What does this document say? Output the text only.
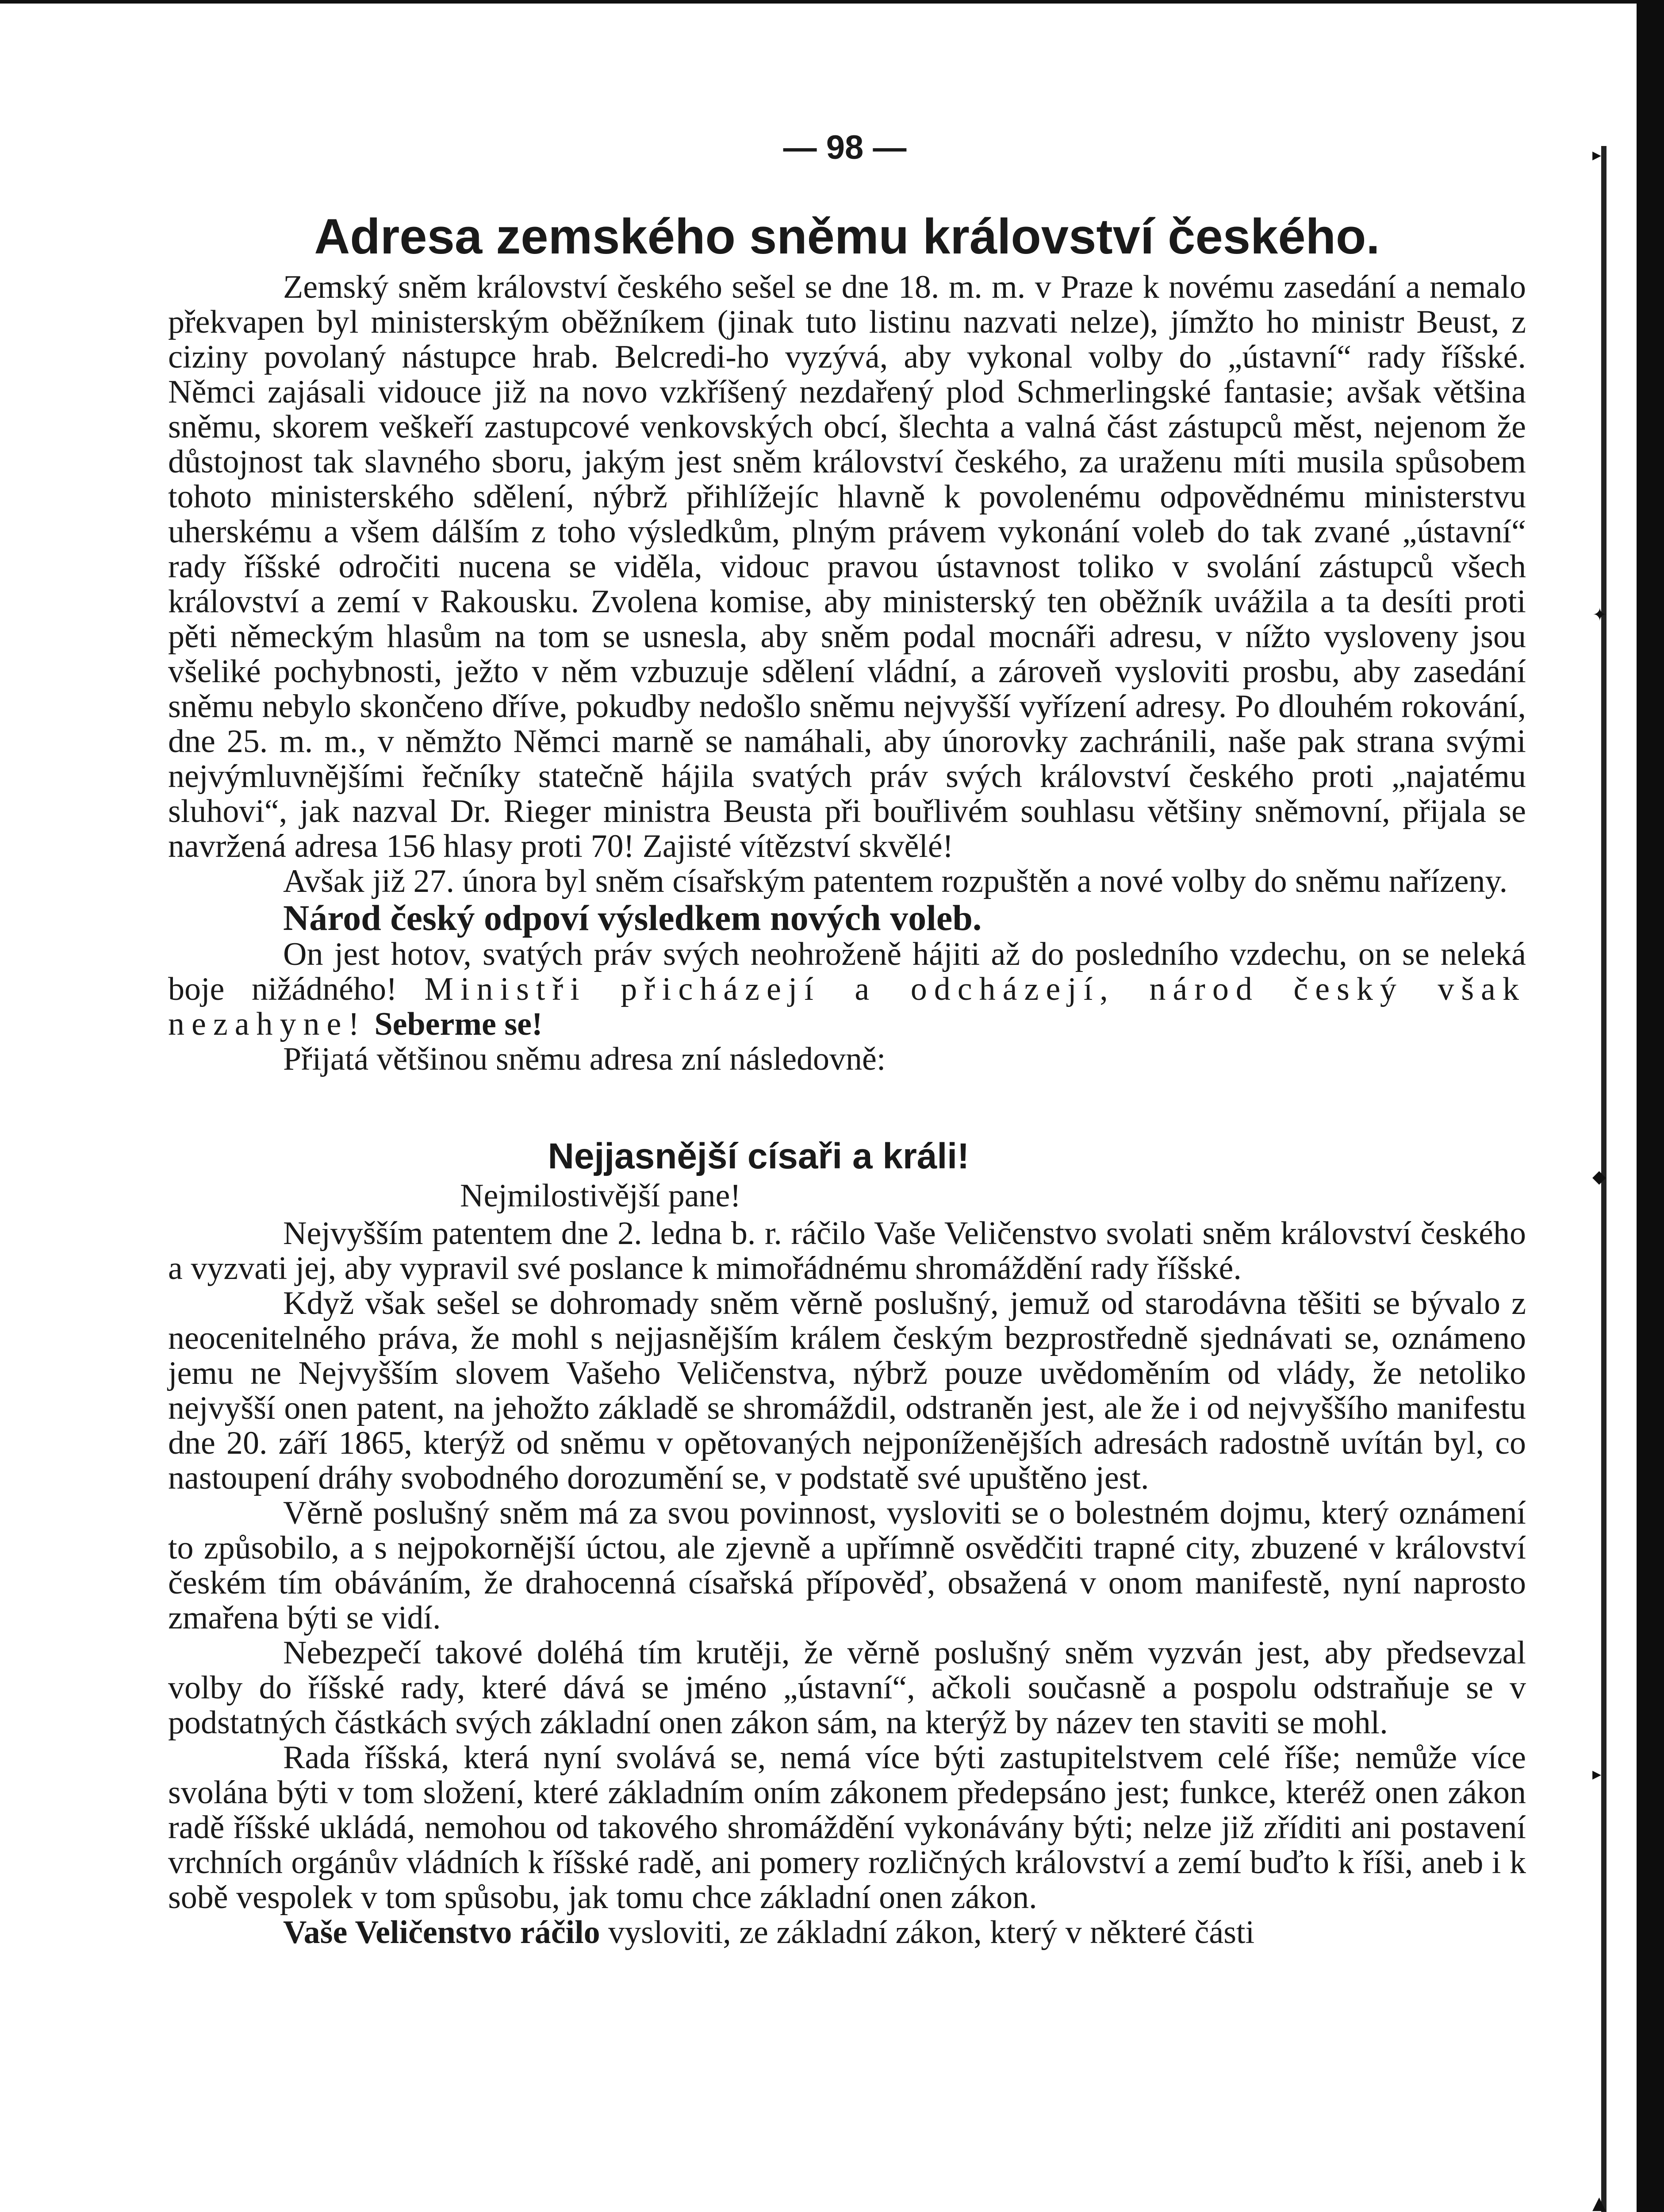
▸
✦
◆
▸
▲
— 98 —
Adresa zemského sněmu království českého.

Zemský sněm království českého sešel se dne 18. m. m. v Praze k novému zasedání a nemalo překvapen byl ministerským oběžníkem (jinak tuto listinu nazvati nelze), jímžto ho ministr Beust, z ciziny povolaný nástupce hrab. Belcredi-ho vyzývá, aby vykonal volby do „ústavní“ rady říšské. Němci zajásali vidouce již na novo vzkříšený nezdařený plod Schmerlingské fantasie; avšak většina sněmu, skorem veškeří zastupcové venkovských obcí, šlechta a valná část zástupců měst, nejenom že důstojnost tak slavného sboru, jakým jest sněm království českého, za uraženu míti musila spůsobem tohoto ministerského sdělení, nýbrž přihlížejíc hlavně k povolenému odpovědnému ministerstvu uherskému a všem dálším z toho výsledkům, plným právem vykonání voleb do tak zvané „ústavní“ rady říšské odročiti nucena se viděla, vidouc pravou ústavnost toliko v svolání zástupců všech království a zemí v Rakousku. Zvolena komise, aby ministerský ten oběžník uvážila a ta desíti proti pěti německým hlasům na tom se usnesla, aby sněm podal mocnáři adresu, v nížto vysloveny jsou všeliké pochybnosti, ježto v něm vzbuzuje sdělení vládní, a zároveň vysloviti prosbu, aby zasedání sněmu nebylo skončeno dříve, pokudby nedošlo sněmu nejvyšší vyřízení adresy. Po dlouhém rokování, dne 25. m. m., v němžto Němci marně se namáhali, aby únorovky zachránili, naše pak strana svými nejvýmluvnějšími řečníky statečně hájila svatých práv svých království českého proti „najatému sluhovi“, jak nazval Dr. Rieger ministra Beusta při bouřlivém souhlasu většiny sněmovní, přijala se navržená adresa 156 hlasy proti 70! Zajisté vítězství skvělé!

Avšak již 27. února byl sněm císařským patentem rozpuštěn a nové volby do sněmu nařízeny.

Národ český odpoví výsledkem nových voleb.

On jest hotov, svatých práv svých neohroženě hájiti až do posledního vzdechu, on se neleká boje nižádného! Ministři přicházejí a odcházejí, národ český však nezahyne! Seberme se!

Přijatá většinou sněmu adresa zní následovně:

Nejjasnější císaři a králi!

Nejmilostivější pane!

Nejvyšším patentem dne 2. ledna b. r. ráčilo Vaše Veličenstvo svolati sněm království českého a vyzvati jej, aby vypravil své poslance k mimořádnému shromáždění rady říšské.

Když však sešel se dohromady sněm věrně poslušný, jemuž od starodávna těšiti se bývalo z neocenitelného práva, že mohl s nejjasnějším králem českým bezprostředně sjednávati se, oznámeno jemu ne Nejvyšším slovem Vašeho Veličenstva, nýbrž pouze uvědoměním od vlády, že netoliko nejvyšší onen patent, na jehožto základě se shromáždil, odstraněn jest, ale že i od nejvyššího manifestu dne 20. září 1865, kterýž od sněmu v opětovaných nejponíženějších adresách radostně uvítán byl, co nastoupení dráhy svobodného dorozumění se, v podstatě své upuštěno jest.

Věrně poslušný sněm má za svou povinnost, vysloviti se o bolestném dojmu, který oznámení to způsobilo, a s nejpokornější úctou, ale zjevně a upřímně osvědčiti trapné city, zbuzené v království českém tím obáváním, že drahocenná císařská přípověď, obsažená v onom manifestě, nyní naprosto zmařena býti se vidí.

Nebezpečí takové doléhá tím krutěji, že věrně poslušný sněm vyzván jest, aby předsevzal volby do říšské rady, které dává se jméno „ústavní“, ačkoli současně a pospolu odstraňuje se v podstatných částkách svých základní onen zákon sám, na kterýž by název ten staviti se mohl.

Rada říšská, která nyní svolává se, nemá více býti zastupitelstvem celé říše; nemůže více svolána býti v tom složení, které základním oním zákonem předepsáno jest; funkce, kteréž onen zákon radě říšské ukládá, nemohou od takového shromáždění vykonávány býti; nelze již zříditi ani postavení vrchních orgánův vládních k říšské radě, ani pomery rozličných království a zemí buďto k říši, aneb i k sobě vespolek v tom spůsobu, jak tomu chce základní onen zákon.

Vaše Veličenstvo ráčilo vysloviti, ze základní zákon, který v některé části
